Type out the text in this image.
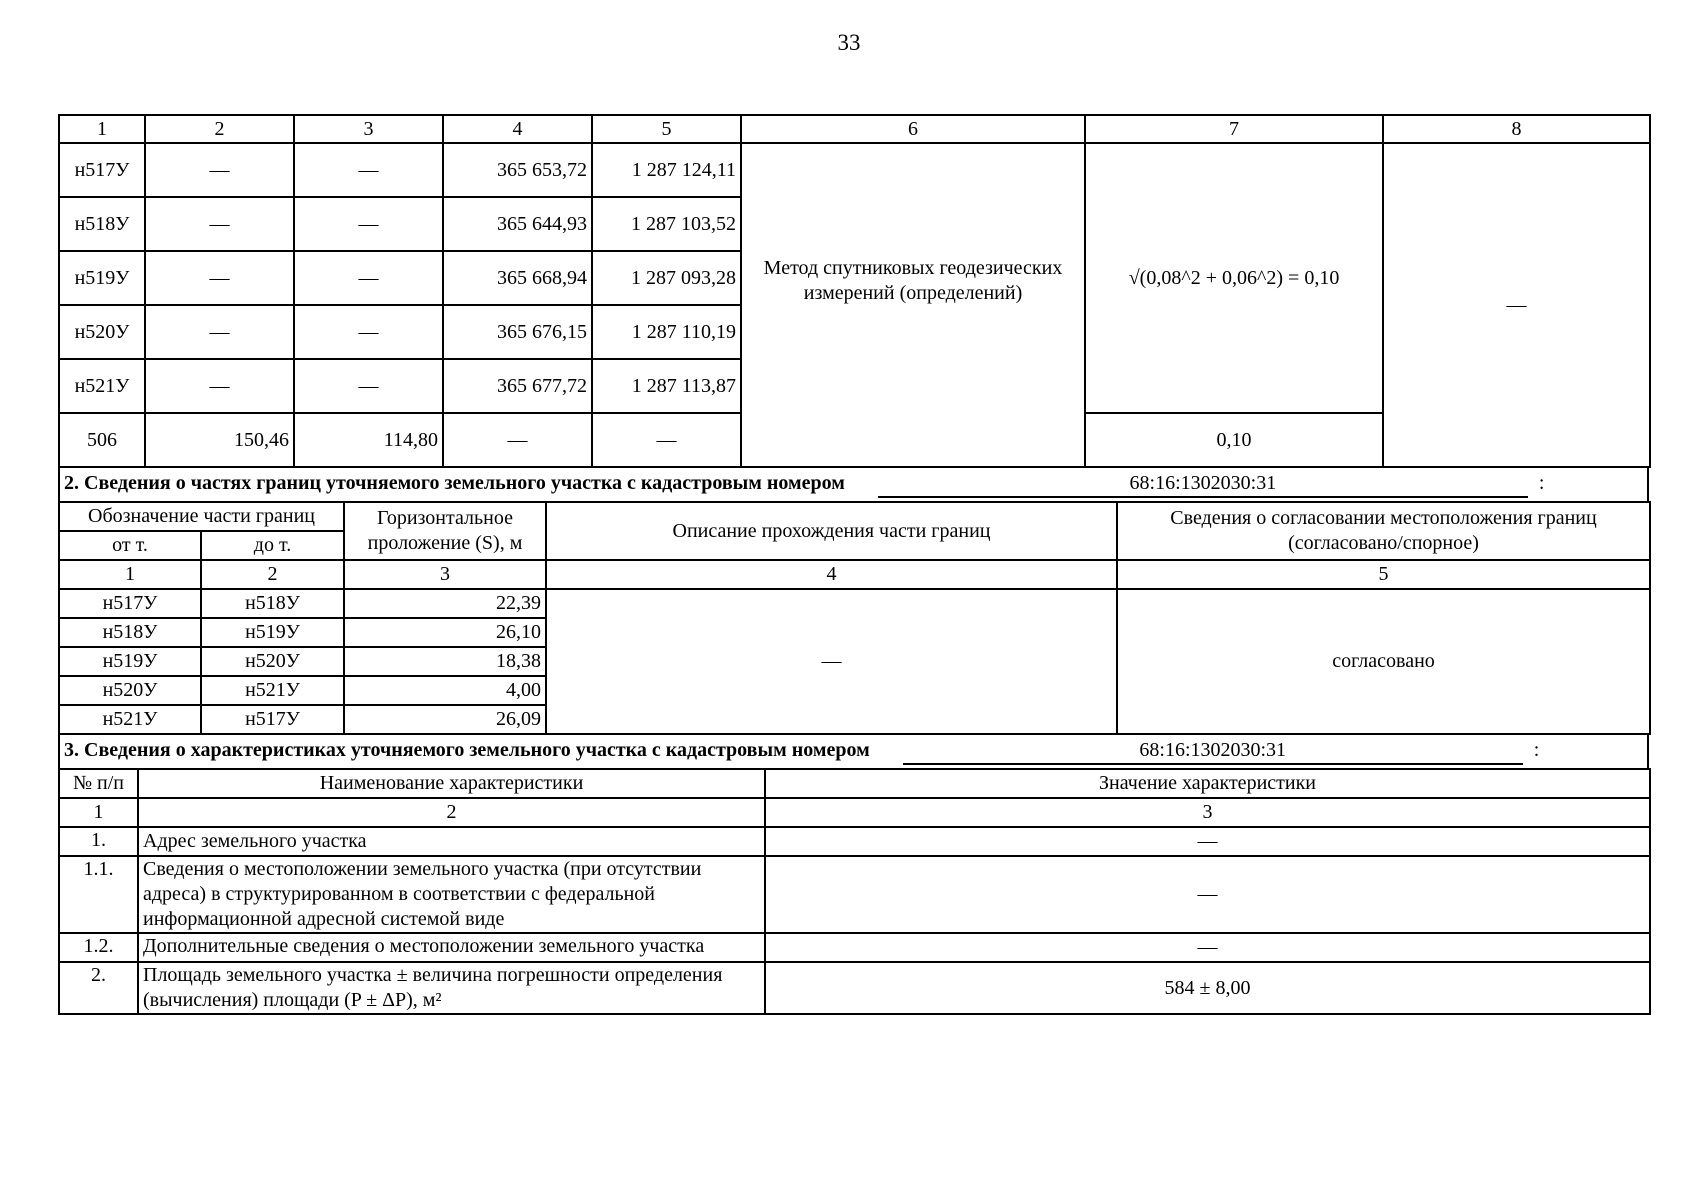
33
1	2	3	4	5	6	7	8
н517У	—	—	365 653,72	1 287 124,11	Метод спутниковых геодезических измерений (определений)	√(0,08^2 + 0,06^2) = 0,10	—
н518У	—	—	365 644,93	1 287 103,52			
н519У	—	—	365 668,94	1 287 093,28			
н520У	—	—	365 676,15	1 287 110,19			
н521У	—	—	365 677,72	1 287 113,87			
506	150,46	114,80	—	—		0,10	
2. Сведения о частях границ уточняемого земельного участка с кадастровым номером	68:16:1302030:31	:
Обозначение части границ		Горизонтальное проложение (S), м	Описание прохождения части границ	Сведения о согласовании местоположения границ (согласовано/спорное)
от т.	до т.			
1	2	3	4	5
н517У	н518У	22,39	—	согласовано
н518У	н519У	26,10		
н519У	н520У	18,38		
н520У	н521У	4,00		
н521У	н517У	26,09		
3. Сведения о характеристиках уточняемого земельного участка с кадастровым номером	68:16:1302030:31	:
№ п/п	Наименование характеристики	Значение характеристики
1	2	3
1.	Адрес земельного участка	—
1.1.	Сведения о местоположении земельного участка (при отсутствии адреса) в структурированном в соответствии с федеральной информационной адресной системой виде	—
1.2.	Дополнительные сведения о местоположении земельного участка	—
2.	Площадь земельного участка ± величина погрешности определения (вычисления) площади (P ± ΔP), м²	584 ± 8,00
